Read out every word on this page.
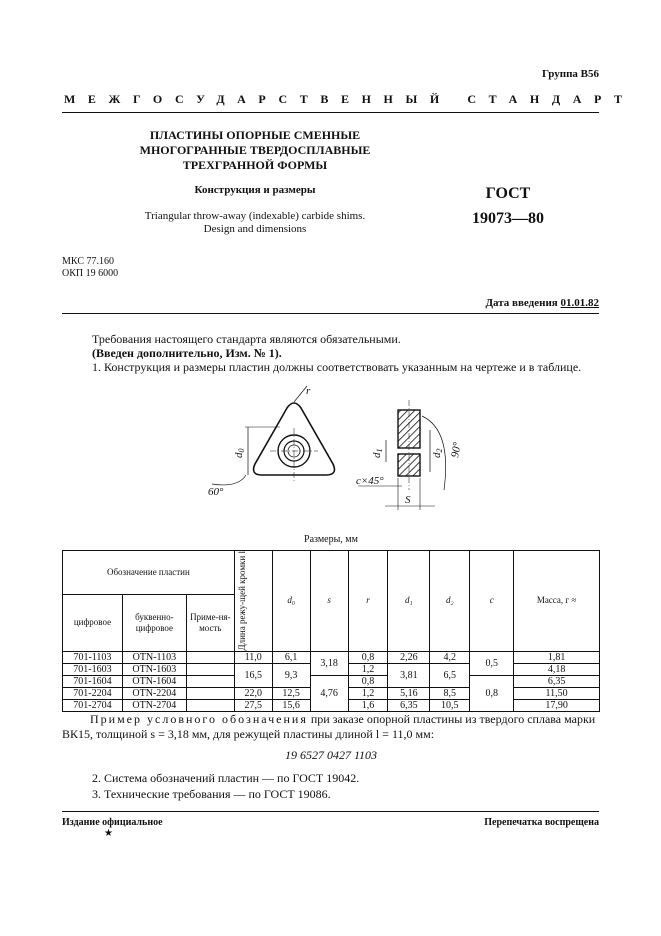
Группа В56
МЕЖГОСУДАРСТВЕННЫЙ СТАНДАРТ
ПЛАСТИНЫ ОПОРНЫЕ СМЕННЫЕ
МНОГОГРАННЫЕ ТВЕРДОСПЛАВНЫЕ
ТРЕХГРАННОЙ ФОРМЫ
Конструкция и размеры
Triangular throw-away (indexable) carbide shims.
Design and dimensions
ГОСТ
19073—80
МКС 77.160
ОКП 19 6000
Дата введения 01.01.82
Требования настоящего стандарта являются обязательными.
(Введен дополнительно, Изм. № 1).
1. Конструкция и размеры пластин должны соответствовать указанным на чертеже и в таблице.
r
d0
60°
d1
d2 90°
c×45°
S
Размеры, мм
Обозначение пластин			Длина режу-щей кромки l	d₀	s	r	d₁	d₂	c	Масса, г ≈
цифровое	буквенно-цифровое	Приме-ня-мость								
701-1103	OTN-1103		11,0	6,1	3,18	0,8	2,26	4,2	0,5	1,81
701-1603	OTN-1603		16,5	9,3		1,2	3,81	6,5		4,18
701-1604	OTN-1604				4,76	0,8			0,8	6,35
701-2204	OTN-2204		22,0	12,5		1,2	5,16	8,5		11,50
701-2704	OTN-2704		27,5	15,6		1,6	6,35	10,5		17,90
Пример условного обозначения при заказе опорной пластины из твердого сплава марки
ВК15, толщиной s = 3,18 мм, для режущей пластины длиной l = 11,0 мм:
19 6527 0427 1103
2. Система обозначений пластин — по ГОСТ 19042.
3. Технические требования — по ГОСТ 19086.
Издание официальное
★
Перепечатка воспрещена
